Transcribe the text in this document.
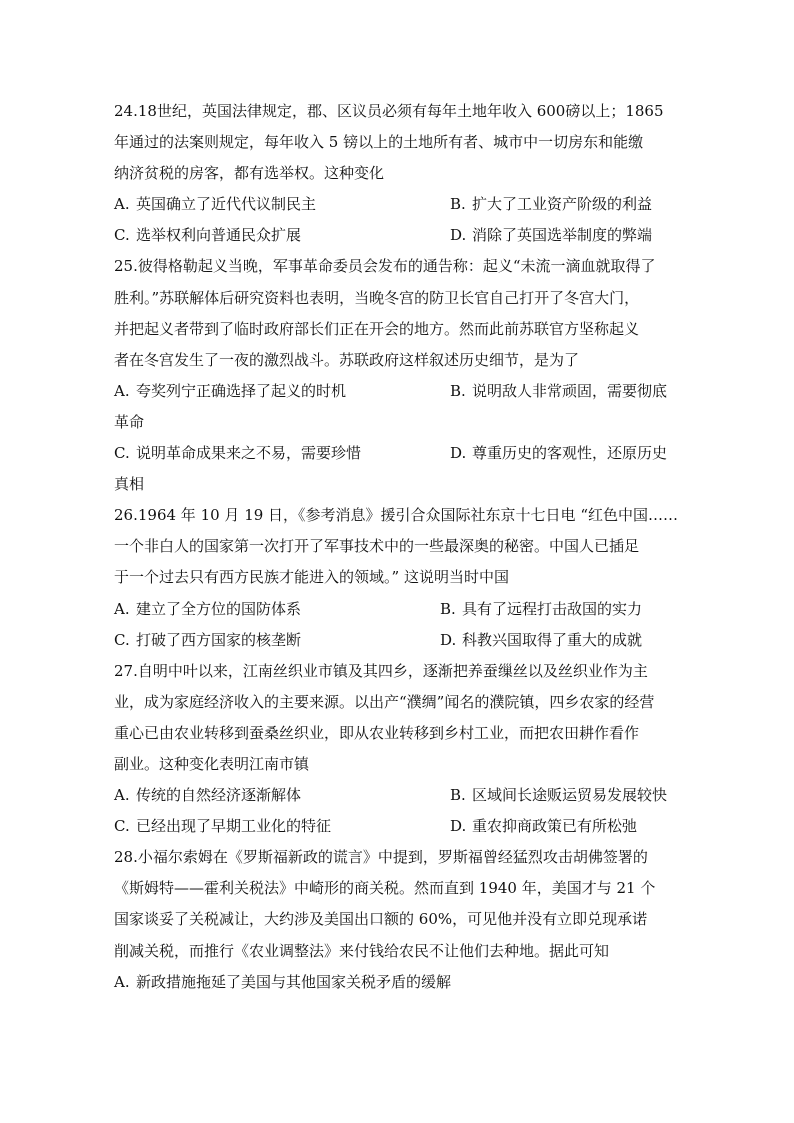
24.18世纪，英国法律规定，郡、区议员必须有每年土地年收入 600磅以上；1865
年通过的法案则规定，每年收入 5 镑以上的土地所有者、城市中一切房东和能缴
纳济贫税的房客，都有选举权。这种变化
A. 英国确立了近代代议制民主	B. 扩大了工业资产阶级的利益
C. 选举权利向普通民众扩展	D. 消除了英国选举制度的弊端
25.彼得格勒起义当晚，军事革命委员会发布的通告称：起义“未流一滴血就取得了
胜利。”苏联解体后研究资料也表明，当晚冬宫的防卫长官自己打开了冬宫大门，
并把起义者带到了临时政府部长们正在开会的地方。然而此前苏联官方坚称起义
者在冬宫发生了一夜的激烈战斗。苏联政府这样叙述历史细节，是为了
A. 夸奖列宁正确选择了起义的时机	B. 说明敌人非常顽固，需要彻底
革命
C. 说明革命成果来之不易，需要珍惜	D. 尊重历史的客观性，还原历史
真相
26.1964 年 10 月 19 日，《参考消息》援引合众国际社东京十七日电 “红色中国……
一个非白人的国家第一次打开了军事技术中的一些最深奥的秘密。中国人已插足
于一个过去只有西方民族才能进入的领域。” 这说明当时中国
A. 建立了全方位的国防体系	B. 具有了远程打击敌国的实力
C. 打破了西方国家的核垄断	D. 科教兴国取得了重大的成就
27.自明中叶以来，江南丝织业市镇及其四乡，逐渐把养蚕缫丝以及丝织业作为主
业，成为家庭经济收入的主要来源。以出产“濮绸”闻名的濮院镇，四乡农家的经营
重心已由农业转移到蚕桑丝织业，即从农业转移到乡村工业，而把农田耕作看作
副业。这种变化表明江南市镇
A. 传统的自然经济逐渐解体	B. 区域间长途贩运贸易发展较快
C. 已经出现了早期工业化的特征	D. 重农抑商政策已有所松弛
28.小福尔索姆在《罗斯福新政的谎言》中提到，罗斯福曾经猛烈攻击胡佛签署的
《斯姆特——霍利关税法》中崎形的商关税。然而直到 1940 年，美国才与 21 个
国家谈妥了关税减让，大约涉及美国出口额的 60%，可见他并没有立即兑现承诺
削减关税，而推行《农业调整法》来付钱给农民不让他们去种地。据此可知
A. 新政措施拖延了美国与其他国家关税矛盾的缓解
